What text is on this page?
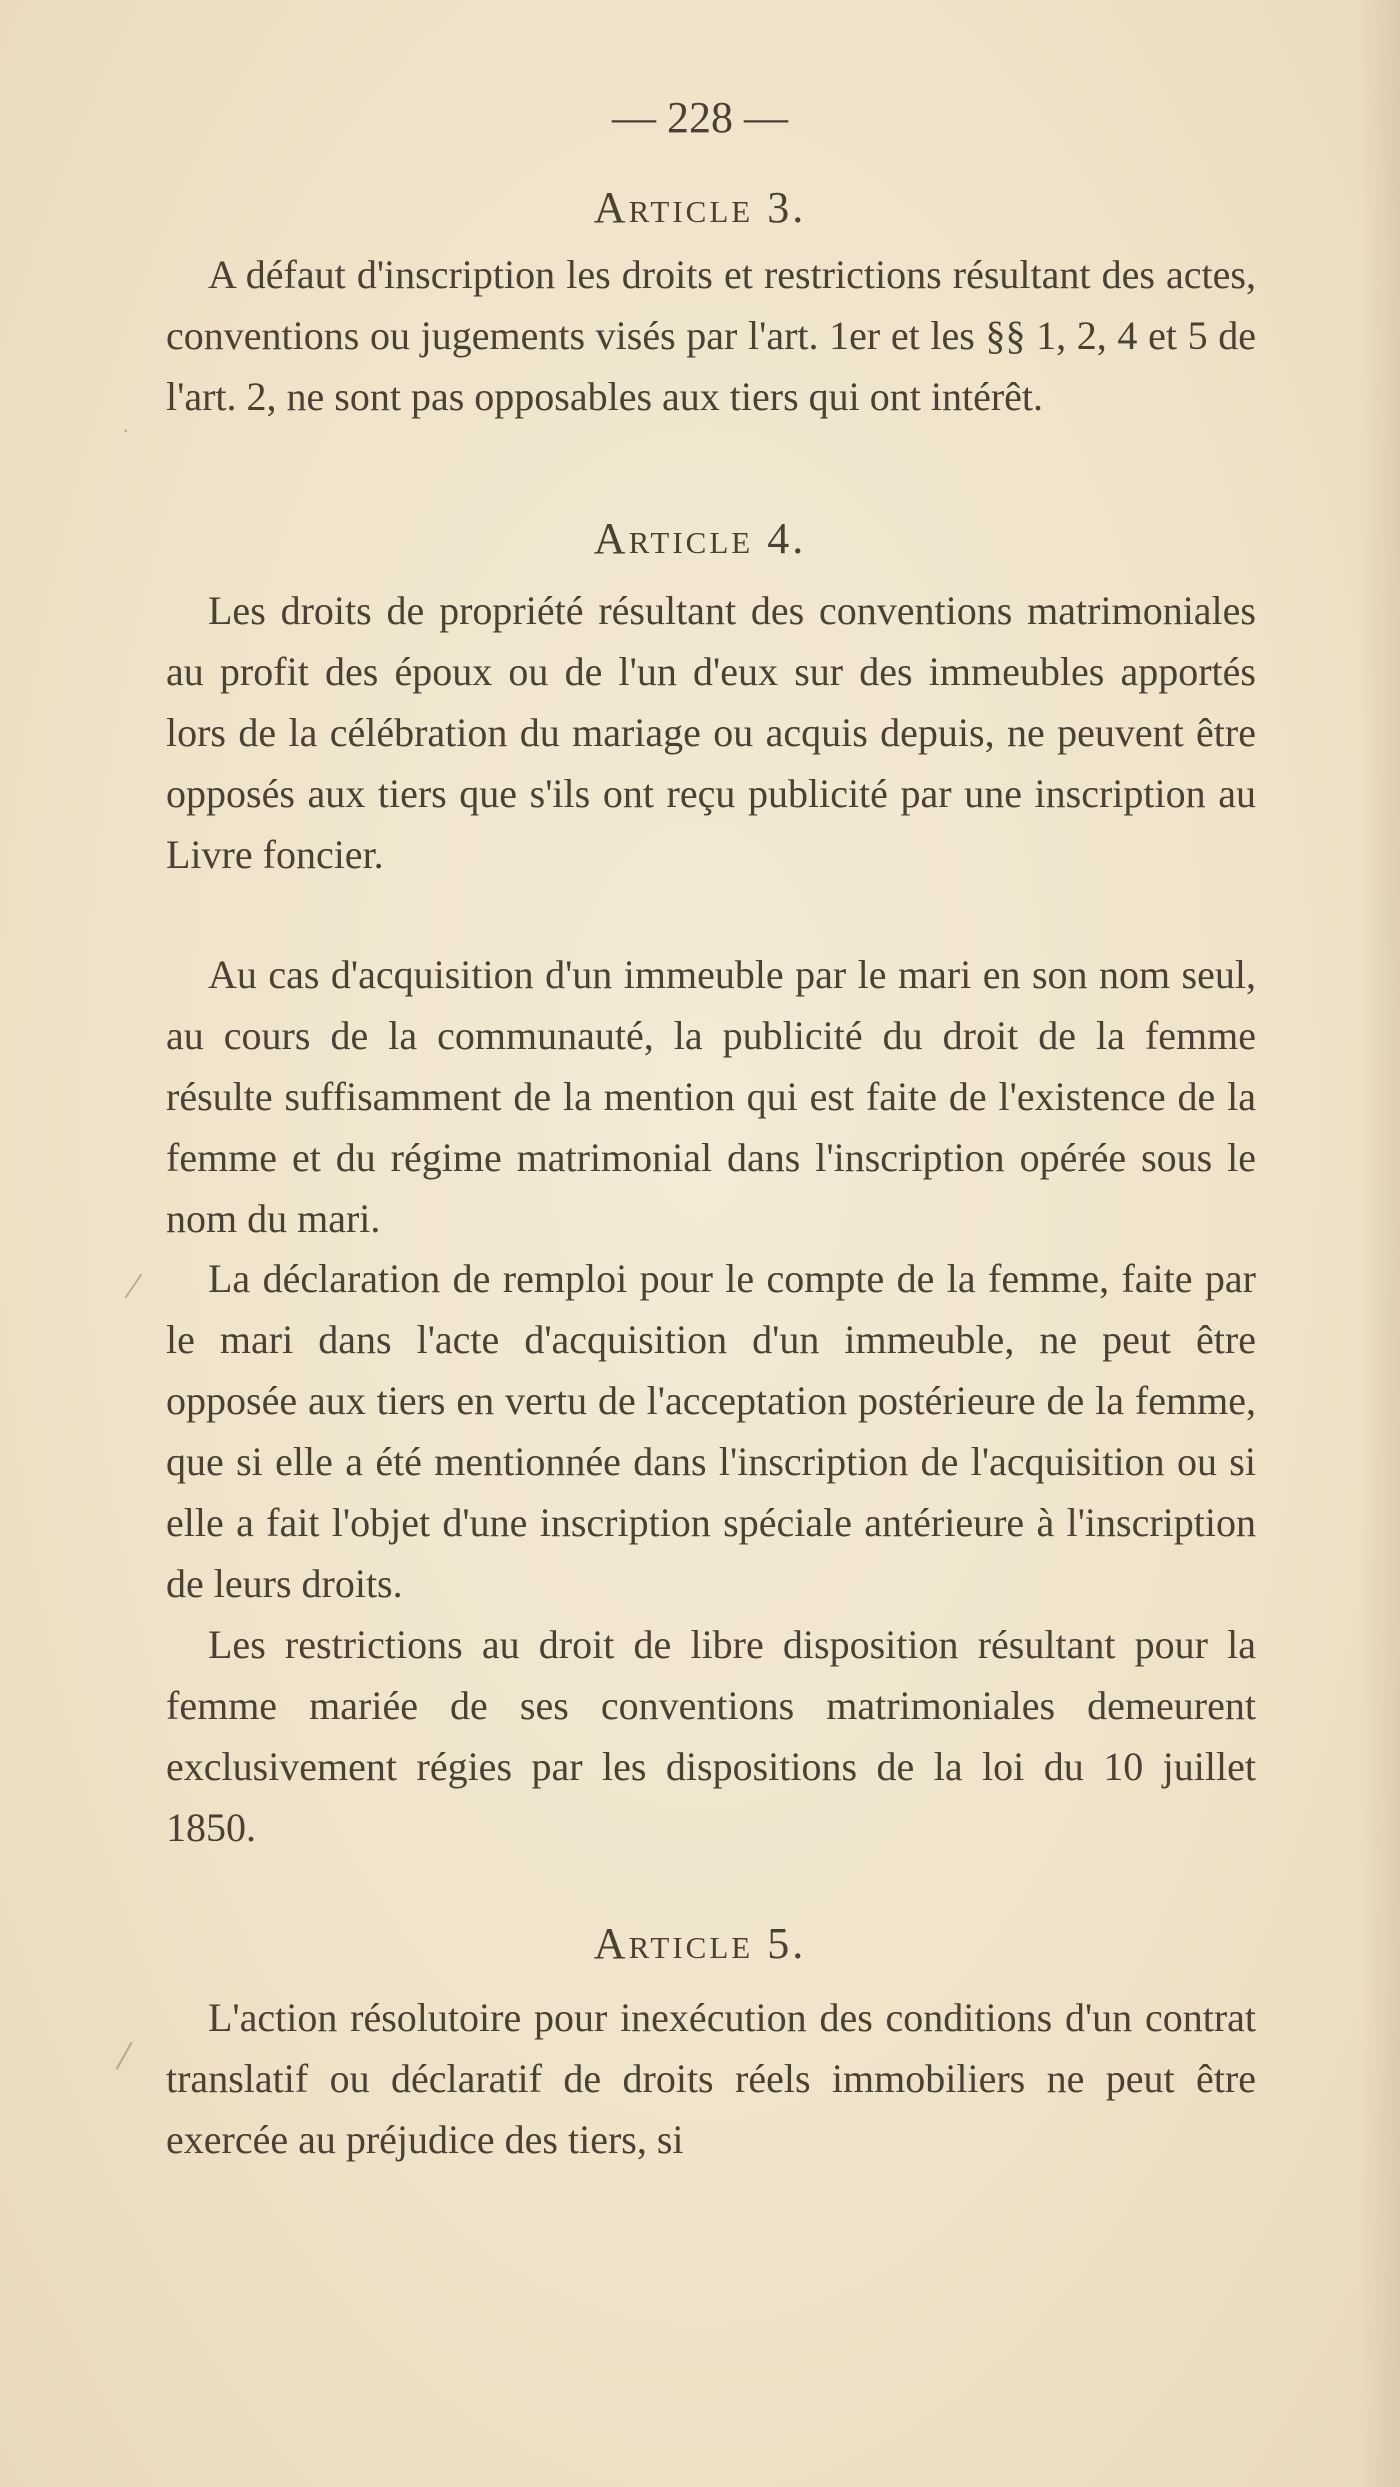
— 228 —
Article 3.
A défaut d'inscription les droits et restrictions résultant des actes, conventions ou jugements visés par l'art. 1er et les §§ 1, 2, 4 et 5 de l'art. 2, ne sont pas opposables aux tiers qui ont intérêt.
Article 4.
Les droits de propriété résultant des conventions matrimoniales au profit des époux ou de l'un d'eux sur des immeubles apportés lors de la célébration du mariage ou acquis depuis, ne peuvent être opposés aux tiers que s'ils ont reçu publicité par une inscription au Livre foncier.
Au cas d'acquisition d'un immeuble par le mari en son nom seul, au cours de la communauté, la publicité du droit de la femme résulte suffisamment de la mention qui est faite de l'existence de la femme et du régime matrimonial dans l'inscription opérée sous le nom du mari.
La déclaration de remploi pour le compte de la femme, faite par le mari dans l'acte d'acquisition d'un immeuble, ne peut être opposée aux tiers en vertu de l'acceptation postérieure de la femme, que si elle a été mentionnée dans l'inscription de l'acquisition ou si elle a fait l'objet d'une inscription spéciale antérieure à l'inscription de leurs droits.
Les restrictions au droit de libre disposition résultant pour la femme mariée de ses conventions matrimoniales demeurent exclusivement régies par les dispositions de la loi du 10 juillet 1850.
Article 5.
L'action résolutoire pour inexécution des conditions d'un contrat translatif ou déclaratif de droits réels immobiliers ne peut être exercée au préjudice des tiers, si
·
/
/
